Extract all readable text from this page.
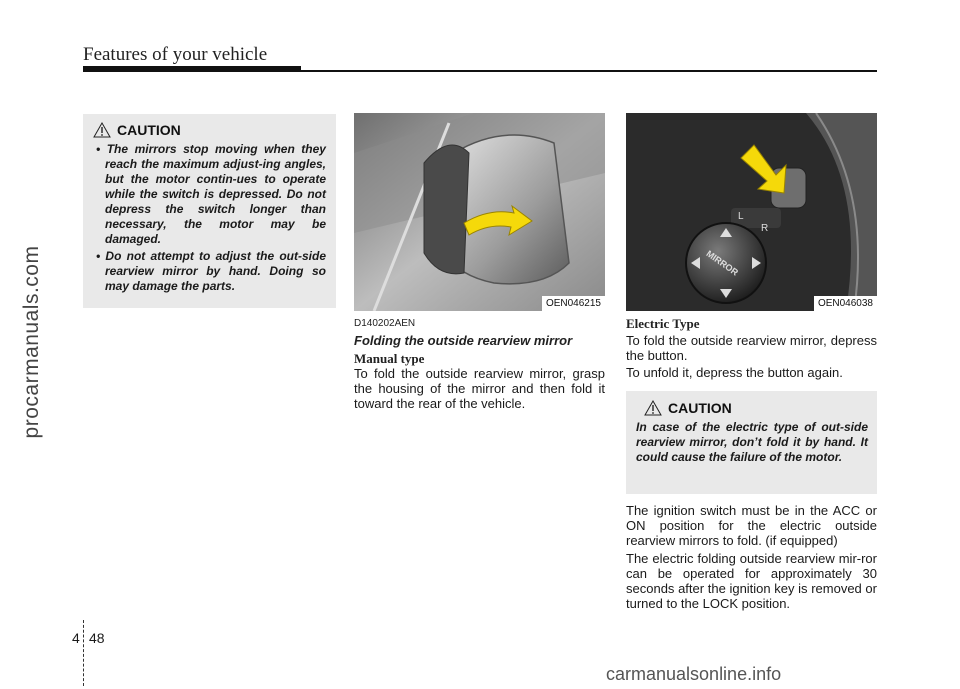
Features of your vehicle
procarmanuals.com
CAUTION
• The mirrors stop moving when they reach the maximum adjust-ing angles, but the motor contin-ues to operate while the switch is depressed. Do not depress the switch longer than necessary, the motor may be damaged.
• Do not attempt to adjust the out-side rearview mirror by hand. Doing so may damage the parts.
OEN046215
MIRROR
L
R
OEN046038
D140202AEN
Folding the outside rearview mirror
Manual type

To fold the outside rearview mirror, grasp the housing of the mirror and then fold it toward the rear of the vehicle.

Electric Type

To fold the outside rearview mirror, depress the button.

To unfold it, depress the button again.

CAUTION

In case of the electric type of out-side rearview mirror, don’t fold it by hand. It could cause the failure of the motor.

The ignition switch must be in the ACC or ON position for the electric outside rearview mirrors to fold. (if equipped)

The electric folding outside rearview mir-ror can be operated for approximately 30 seconds after the ignition key is removed or turned to the LOCK position.

4 48
carmanualsonline.info
